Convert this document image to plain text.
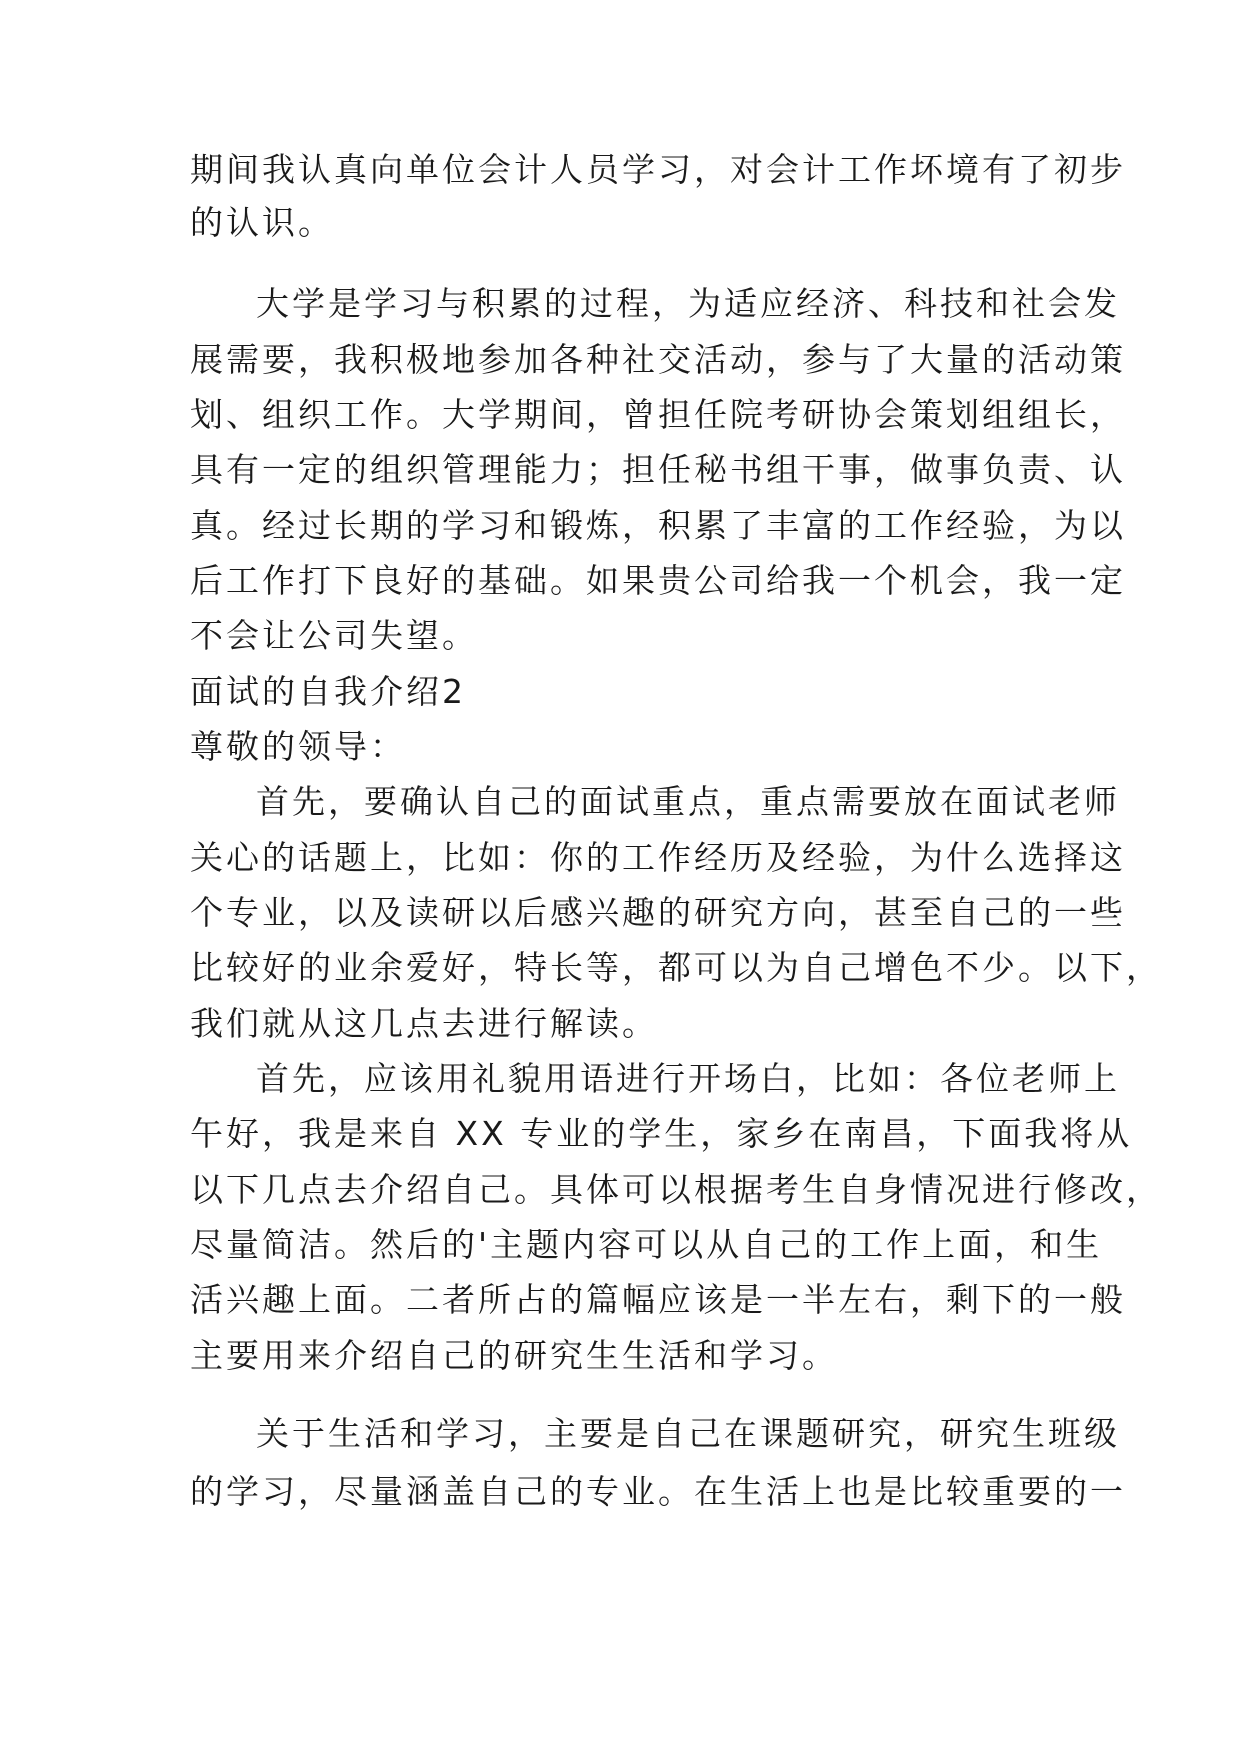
期间我认真向单位会计人员学习，对会计工作坏境有了初步
的认识。
大学是学习与积累的过程，为适应经济、科技和社会发
展需要，我积极地参加各种社交活动，参与了大量的活动策
划、组织工作。大学期间，曾担任院考研协会策划组组长，
具有一定的组织管理能力；担任秘书组干事，做事负责、认
真。经过长期的学习和锻炼，积累了丰富的工作经验，为以
后工作打下良好的基础。如果贵公司给我一个机会，我一定
不会让公司失望。
面试的自我介绍2
尊敬的领导：
首先，要确认自己的面试重点，重点需要放在面试老师
关心的话题上，比如：你的工作经历及经验，为什么选择这
个专业，以及读研以后感兴趣的研究方向，甚至自己的一些
比较好的业余爱好，特长等，都可以为自己增色不少。以下，
我们就从这几点去进行解读。
首先，应该用礼貌用语进行开场白，比如：各位老师上
午好，我是来自 XX 专业的学生，家乡在南昌，下面我将从
以下几点去介绍自己。具体可以根据考生自身情况进行修改，
尽量简洁。然后的'主题内容可以从自己的工作上面，和生
活兴趣上面。二者所占的篇幅应该是一半左右，剩下的一般
主要用来介绍自己的研究生生活和学习。
关于生活和学习，主要是自己在课题研究，研究生班级
的学习，尽量涵盖自己的专业。在生活上也是比较重要的一
